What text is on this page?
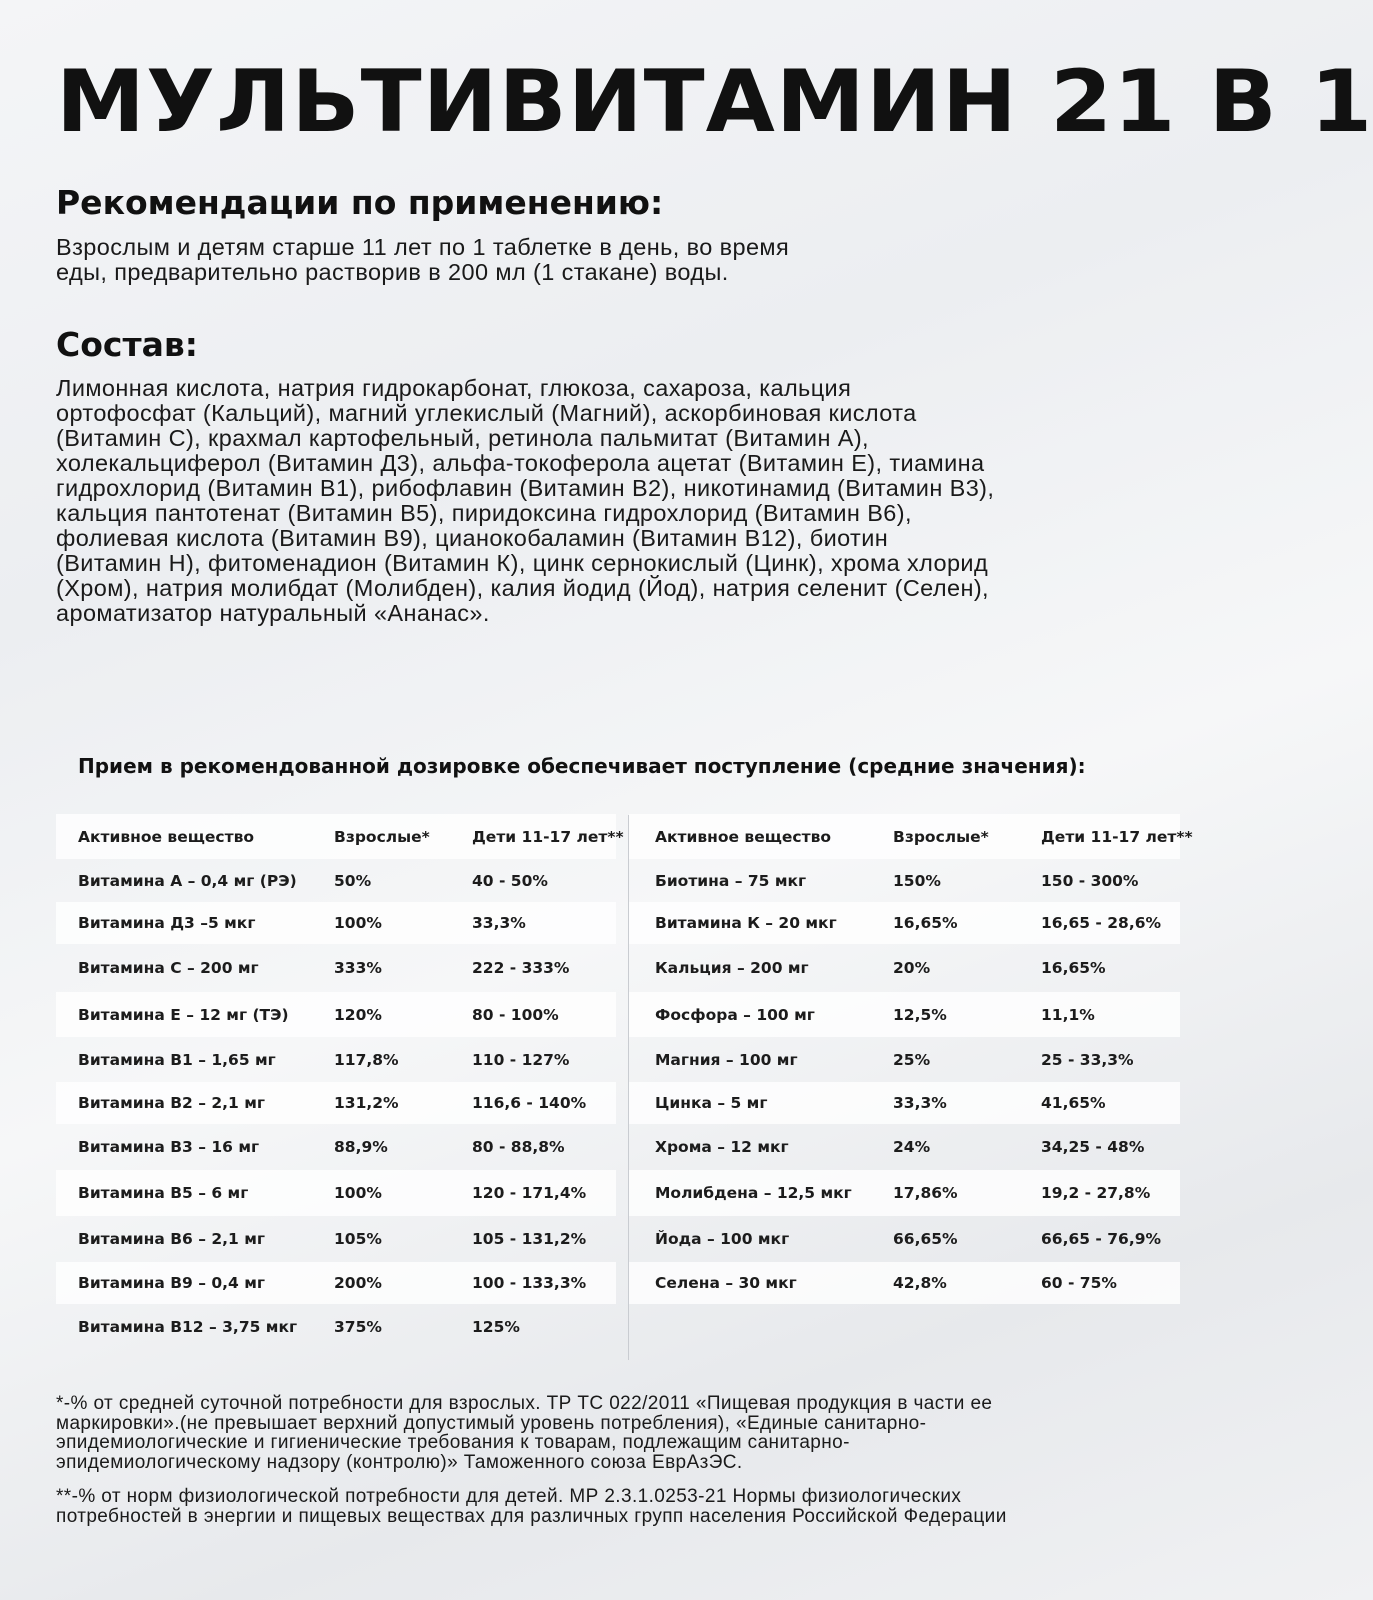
МУЛЬТИВИТАМИН 21 В 1
Рекомендации по применению:
Взрослым и детям старше 11 лет по 1 таблетке в день, во время
еды, предварительно растворив в 200 мл (1 стакане) воды.
Состав:
Лимонная кислота, натрия гидрокарбонат, глюкоза, сахароза, кальция
ортофосфат (Кальций), магний углекислый (Магний), аскорбиновая кислота
(Витамин С), крахмал картофельный, ретинола пальмитат (Витамин А),
холекальциферол (Витамин Д3), альфа-токоферола ацетат (Витамин Е), тиамина
гидрохлорид (Витамин В1), рибофлавин (Витамин В2), никотинамид (Витамин В3),
кальция пантотенат (Витамин В5), пиридоксина гидрохлорид (Витамин В6),
фолиевая кислота (Витамин В9), цианокобаламин (Витамин В12), биотин
(Витамин Н), фитоменадион (Витамин К), цинк сернокислый (Цинк), хрома хлорид
(Хром), натрия молибдат (Молибден), калия йодид (Йод), натрия селенит (Селен),
ароматизатор натуральный «Ананас».
Прием в рекомендованной дозировке обеспечивает поступление (средние значения):
Активное вещество	Взрослые*	Дети 11-17 лет**
Витамина А – 0,4 мг (РЭ) 50%	40 - 50%
Витамина Д3 –5 мкг	100%	33,3%
Витамина С – 200 мг	333%	222 - 333%
Витамина Е – 12 мг (ТЭ)	120%	80 - 100%
Витамина В1 – 1,65 мг	117,8%	110 - 127%
Витамина В2 – 2,1 мг	131,2%	116,6 - 140%
Витамина В3 – 16 мг	88,9%	80 - 88,8%
Витамина В5 – 6 мг	100%	120 - 171,4%
Витамина В6 – 2,1 мг	105%	105 - 131,2%
Витамина В9 – 0,4 мг	200%	100 - 133,3%
Витамина В12 – 3,75 мкг 375%	125%
Активное вещество	Взрослые*	Дети 11-17 лет**
Биотина – 75 мкг	150%	150 - 300%
Витамина К – 20 мкг	16,65%	16,65 - 28,6%
Кальция – 200 мг	20%	16,65%
Фосфора – 100 мг	12,5%	11,1%
Магния – 100 мг	25%	25 - 33,3%
Цинка – 5 мг	33,3%	41,65%
Хрома – 12 мкг	24%	34,25 - 48%
Молибдена – 12,5 мкг	17,86%	19,2 - 27,8%
Йода – 100 мкг	66,65%	66,65 - 76,9%
Селена – 30 мкг	42,8%	60 - 75%
*-% от средней суточной потребности для взрослых. ТР ТС 022/2011 «Пищевая продукция в части ее
маркировки».(не превышает верхний допустимый уровень потребления), «Единые санитарно-
эпидемиологические и гигиенические требования к товарам, подлежащим санитарно-
эпидемиологическому надзору (контролю)» Таможенного союза ЕврАзЭС.
**-% от норм физиологической потребности для детей. МР 2.3.1.0253-21 Нормы физиологических
потребностей в энергии и пищевых веществах для различных групп населения Российской Федерации
